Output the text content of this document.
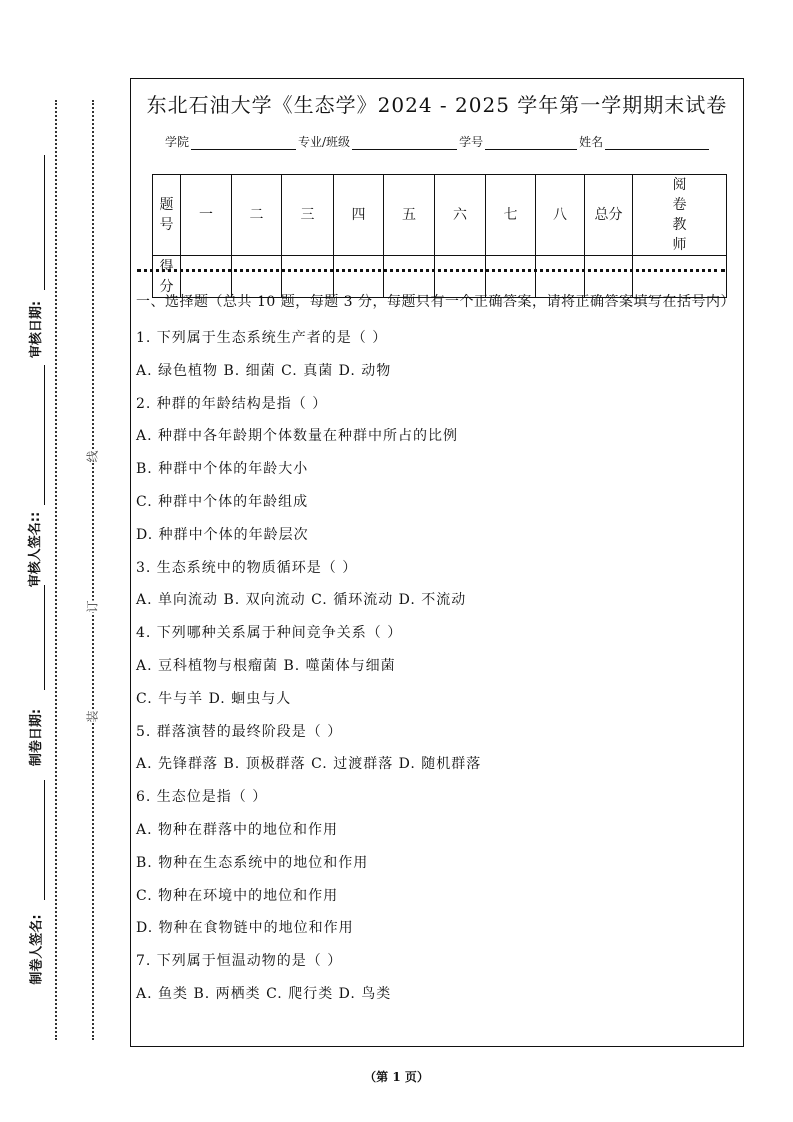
审核日期:
审核人签名::
制卷日期:
制卷人签名:
线
订
装
东北石油大学《生态学》2024 - 2025 学年第一学期期末试卷
学院	专业/班级	学号	姓名
题号	一	二	三	四	五	六	七	八	总分	阅卷教师
得分										
一、选择题（总共 10 题，每题 3 分，每题只有一个正确答案，请将正确答案填写在括号内）
1. 下列属于生态系统生产者的是（ ）
A. 绿色植物 B. 细菌 C. 真菌 D. 动物
2. 种群的年龄结构是指（ ）
A. 种群中各年龄期个体数量在种群中所占的比例
B. 种群中个体的年龄大小
C. 种群中个体的年龄组成
D. 种群中个体的年龄层次
3. 生态系统中的物质循环是（ ）
A. 单向流动 B. 双向流动 C. 循环流动 D. 不流动
4. 下列哪种关系属于种间竞争关系（ ）
A. 豆科植物与根瘤菌 B. 噬菌体与细菌
C. 牛与羊 D. 蛔虫与人
5. 群落演替的最终阶段是（ ）
A. 先锋群落 B. 顶极群落 C. 过渡群落 D. 随机群落
6. 生态位是指（ ）
A. 物种在群落中的地位和作用
B. 物种在生态系统中的地位和作用
C. 物种在环境中的地位和作用
D. 物种在食物链中的地位和作用
7. 下列属于恒温动物的是（ ）
A. 鱼类 B. 两栖类 C. 爬行类 D. 鸟类
（第 1 页）
